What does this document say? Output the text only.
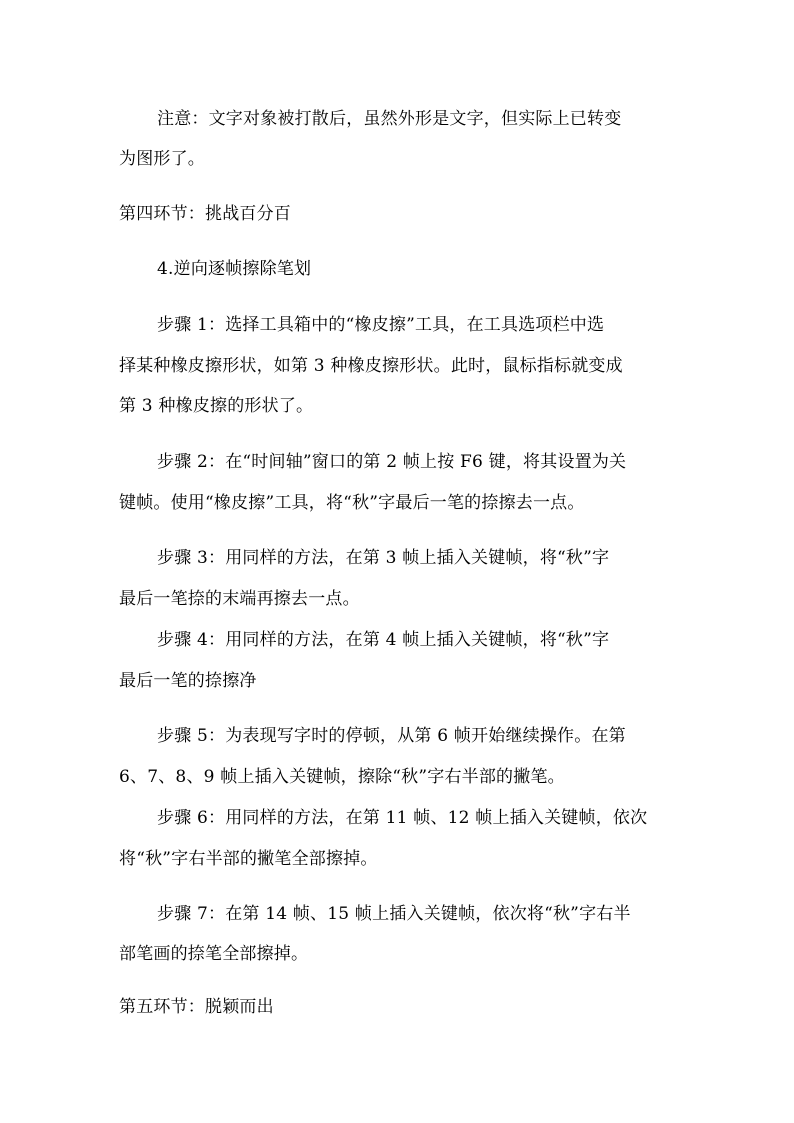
注意：文字对象被打散后，虽然外形是文字，但实际上已转变
为图形了。
第四环节：挑战百分百
4.逆向逐帧擦除笔划
步骤 1：选择工具箱中的“橡皮擦”工具，在工具选项栏中选
择某种橡皮擦形状，如第 3 种橡皮擦形状。此时，鼠标指标就变成
第 3 种橡皮擦的形状了。
步骤 2：在“时间轴”窗口的第 2 帧上按 F6 键，将其设置为关
键帧。使用“橡皮擦”工具，将“秋”字最后一笔的捺擦去一点。
步骤 3：用同样的方法，在第 3 帧上插入关键帧，将“秋”字
最后一笔捺的末端再擦去一点。
步骤 4：用同样的方法，在第 4 帧上插入关键帧，将“秋”字
最后一笔的捺擦净
步骤 5：为表现写字时的停顿，从第 6 帧开始继续操作。在第
6、7、8、9 帧上插入关键帧，擦除“秋”字右半部的撇笔。
步骤 6：用同样的方法，在第 11 帧、12 帧上插入关键帧，依次
将“秋”字右半部的撇笔全部擦掉。
步骤 7：在第 14 帧、15 帧上插入关键帧，依次将“秋”字右半
部笔画的捺笔全部擦掉。
第五环节：脱颖而出
